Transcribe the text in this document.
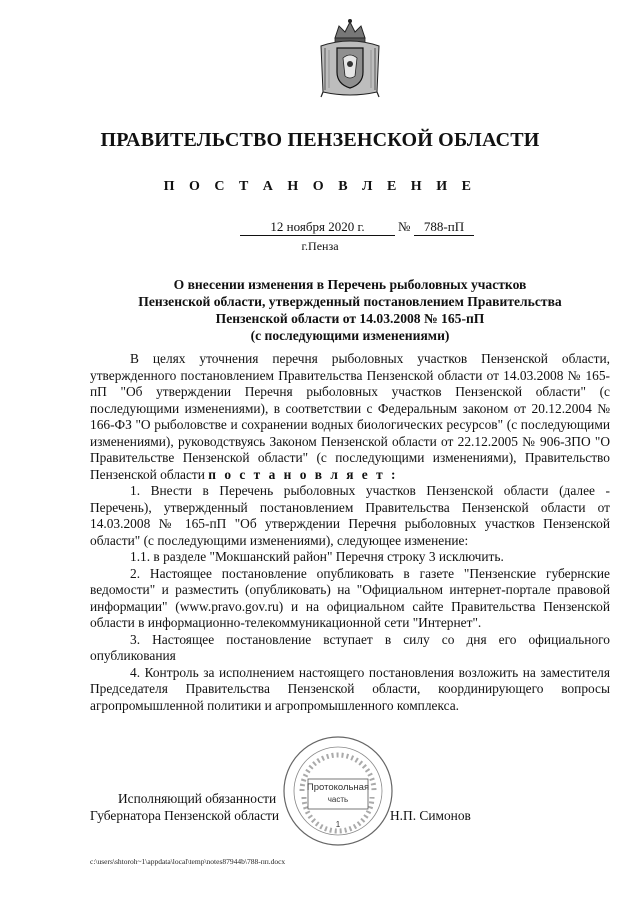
ПРАВИТЕЛЬСТВО ПЕНЗЕНСКОЙ ОБЛАСТИ
П О С Т А Н О В Л Е Н И Е
12 ноября 2020 г.	№	788-пП
г.Пенза
О внесении изменения в Перечень рыболовных участков
Пензенской области, утвержденный постановлением Правительства
Пензенской области от 14.03.2008 № 165-пП
(с последующими изменениями)

В целях уточнения перечня рыболовных участков Пензенской области, утвержденного постановлением Правительства Пензенской области от 14.03.2008 № 165-пП "Об утверждении Перечня рыболовных участков Пензенской области" (с последующими изменениями), в соответствии с Федеральным законом от 20.12.2004 № 166-ФЗ "О рыболовстве и сохранении водных биологических ресурсов" (с последующими изменениями), руководствуясь Законом Пензенской области от 22.12.2005 № 906-ЗПО "О Правительстве Пензенской области" (с последующими изменениями), Правительство Пензенской области п о с т а н о в л я е т :

1. Внести в Перечень рыболовных участков Пензенской области (далее - Перечень), утвержденный постановлением Правительства Пензенской области от 14.03.2008 № 165-пП "Об утверждении Перечня рыболовных участков Пензенской области" (с последующими изменениями), следующее изменение:

1.1. в разделе "Мокшанский район" Перечня строку 3 исключить.

2. Настоящее постановление опубликовать в газете "Пензенские губернские ведомости" и разместить (опубликовать) на "Официальном интернет-портале правовой информации" (www.pravo.gov.ru) и на официальном сайте Правительства Пензенской области в информационно-телекоммуникационной сети "Интернет".

3. Настоящее постановление вступает в силу со дня его официального опубликования

4. Контроль за исполнением настоящего постановления возложить на заместителя Председателя Правительства Пензенской области, координирующего вопросы агропромышленной политики и агропромышленного комплекса.

Протокольная
часть
1
Исполняющий обязанности
Губернатора Пензенской области	Н.П. Симонов
c:\users\shtoroh~1\appdata\local\temp\notes87944b\788-пп.docx
